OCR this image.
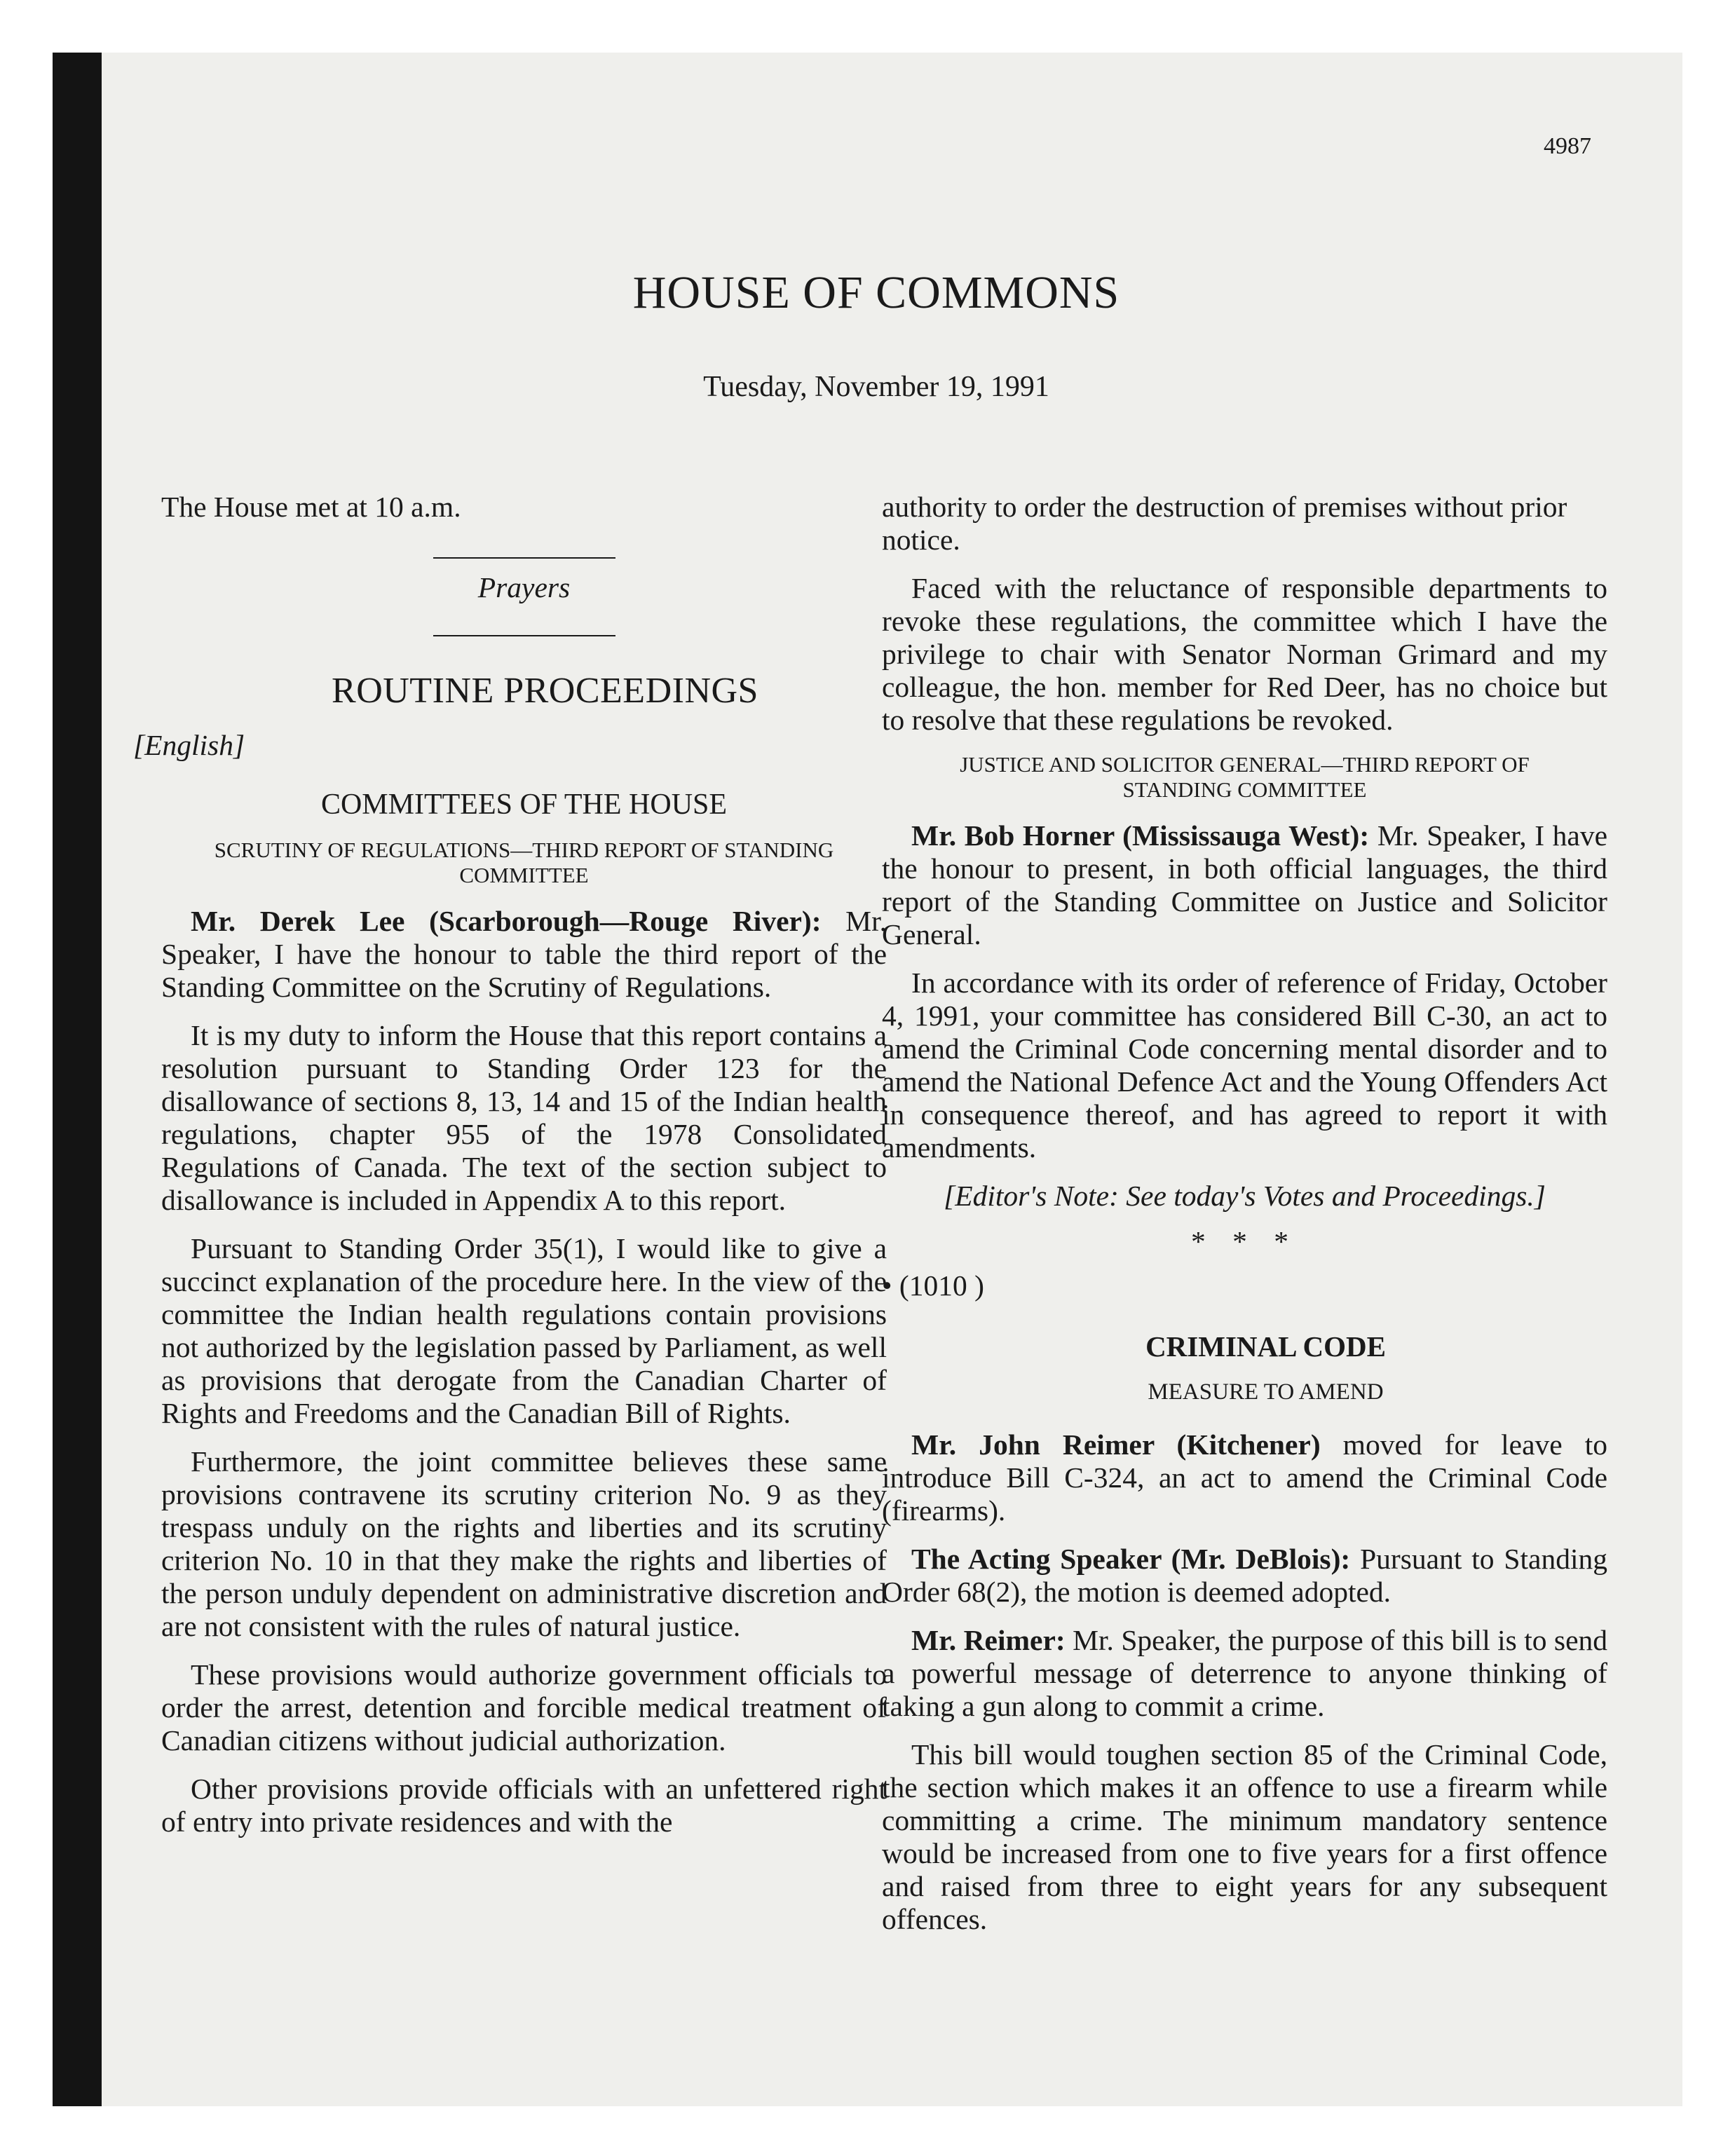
4987
HOUSE OF COMMONS
Tuesday, November 19, 1991

The House met at 10 a.m.

Prayers
ROUTINE PROCEEDINGS
[English]
COMMITTEES OF THE HOUSE
SCRUTINY OF REGULATIONS—THIRD REPORT OF STANDING COMMITTEE

Mr. Derek Lee (Scarborough—Rouge River): Mr. Speaker, I have the honour to table the third report of the Standing Committee on the Scrutiny of Regulations.

It is my duty to inform the House that this report contains a resolution pursuant to Standing Order 123 for the disallowance of sections 8, 13, 14 and 15 of the Indian health regulations, chapter 955 of the 1978 Consolidated Regulations of Canada. The text of the section subject to disallowance is included in Appendix A to this report.

Pursuant to Standing Order 35(1), I would like to give a succinct explanation of the procedure here. In the view of the committee the Indian health regulations contain provisions not authorized by the legislation passed by Parliament, as well as provisions that derogate from the Canadian Charter of Rights and Freedoms and the Canadian Bill of Rights.

Furthermore, the joint committee believes these same provisions contravene its scrutiny criterion No. 9 as they trespass unduly on the rights and liberties and its scrutiny criterion No. 10 in that they make the rights and liberties of the person unduly dependent on administrative discretion and are not consistent with the rules of natural justice.

These provisions would authorize government officials to order the arrest, detention and forcible medical treatment of Canadian citizens without judicial authorization.

Other provisions provide officials with an unfettered right of entry into private residences and with the

authority to order the destruction of premises without prior notice.

Faced with the reluctance of responsible departments to revoke these regulations, the committee which I have the privilege to chair with Senator Norman Grimard and my colleague, the hon. member for Red Deer, has no choice but to resolve that these regulations be revoked.

JUSTICE AND SOLICITOR GENERAL—THIRD REPORT OF STANDING COMMITTEE

Mr. Bob Horner (Mississauga West): Mr. Speaker, I have the honour to present, in both official languages, the third report of the Standing Committee on Justice and Solicitor General.

In accordance with its order of reference of Friday, October 4, 1991, your committee has considered Bill C-30, an act to amend the Criminal Code concerning mental disorder and to amend the National Defence Act and the Young Offenders Act in consequence thereof, and has agreed to report it with amendments.

[Editor's Note: See today's Votes and Proceedings.]

* * *
• (1010 )
CRIMINAL CODE
MEASURE TO AMEND

Mr. John Reimer (Kitchener) moved for leave to introduce Bill C-324, an act to amend the Criminal Code (firearms).

The Acting Speaker (Mr. DeBlois): Pursuant to Standing Order 68(2), the motion is deemed adopted.

Mr. Reimer: Mr. Speaker, the purpose of this bill is to send a powerful message of deterrence to anyone thinking of taking a gun along to commit a crime.

This bill would toughen section 85 of the Criminal Code, the section which makes it an offence to use a firearm while committing a crime. The minimum mandatory sentence would be increased from one to five years for a first offence and raised from three to eight years for any subsequent offences.
